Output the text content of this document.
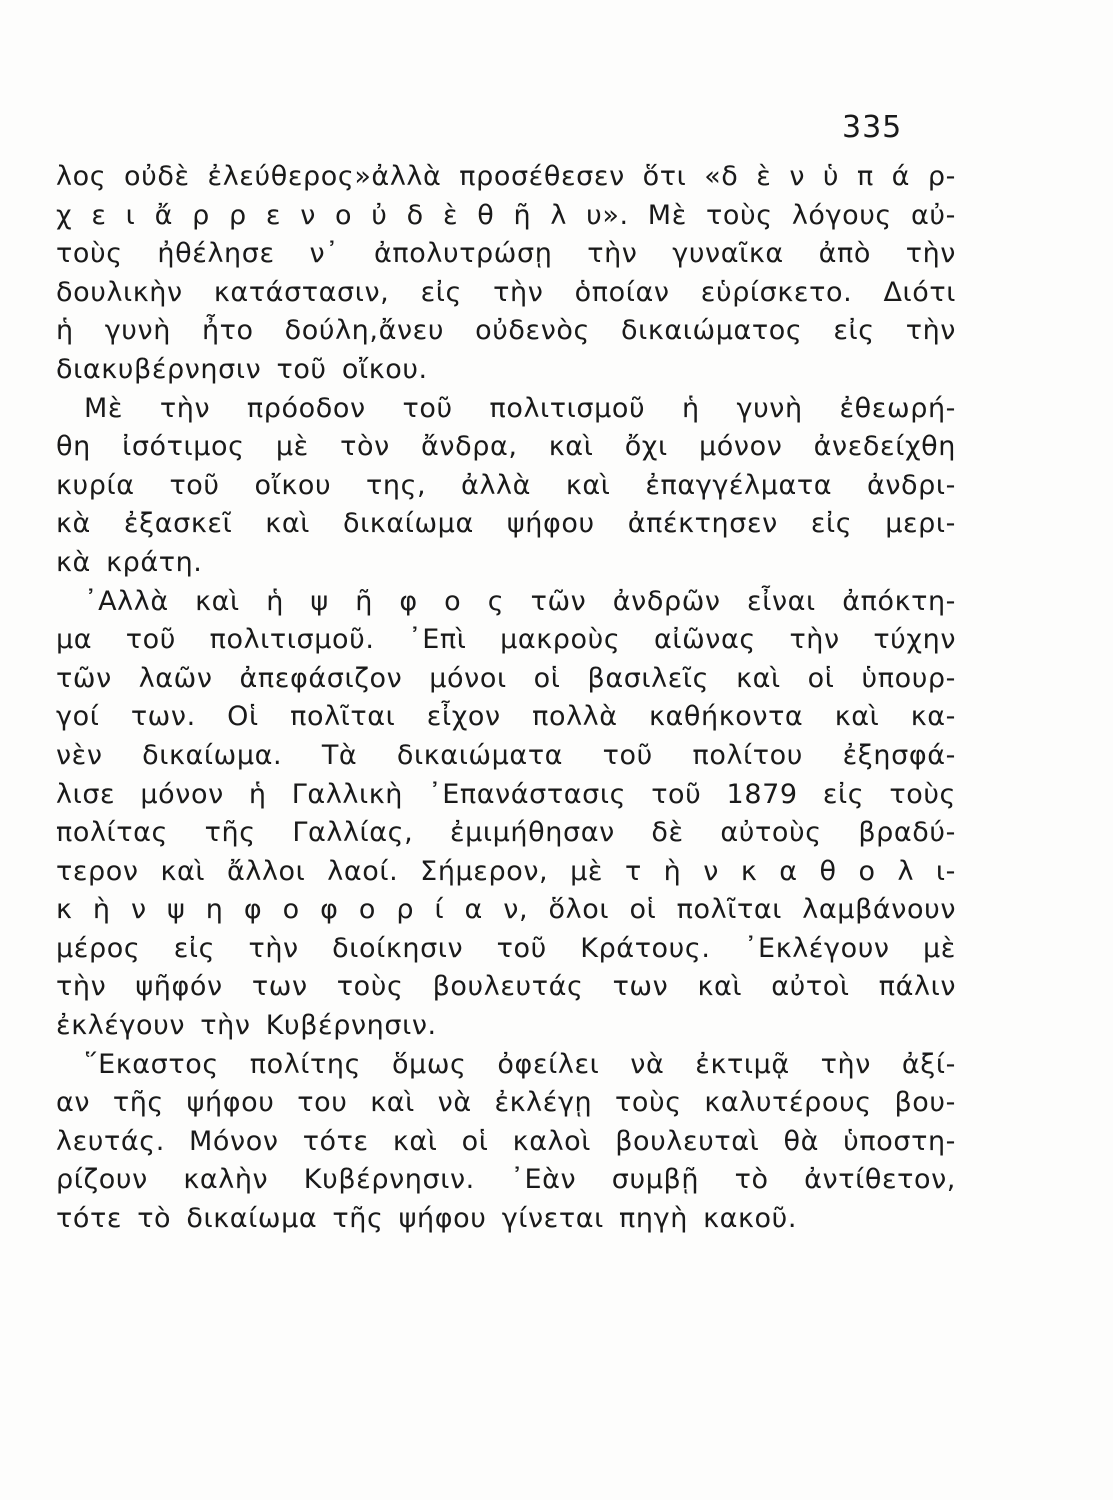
335
λος οὐδὲ ἐλεύθερος»ἀλλὰ προσέθεσεν ὅτι «δ ὲ ν ὑ π ά ρ-
χ ε ι ἄ ρ ρ ε ν ο ὐ δ ὲ θ ῆ λ υ». Μὲ τοὺς λόγους αὐ-
τοὺς ἠθέλησε ν᾿ ἀπολυτρώσῃ τὴν γυναῖκα ἀπὸ τὴν
δουλικὴν κατάστασιν, εἰς τὴν ὁποίαν εὑρίσκετο. Διότι
ἡ γυνὴ ἦτο δούλη,ἄνευ οὐδενὸς δικαιώματος εἰς τὴν
διακυβέρνησιν τοῦ οἴκου.
Μὲ τὴν πρόοδον τοῦ πολιτισμοῦ ἡ γυνὴ ἐθεωρή-
θη ἰσότιμος μὲ τὸν ἄνδρα, καὶ ὄχι μόνον ἀνεδείχθη
κυρία τοῦ οἴκου της, ἀλλὰ καὶ ἐπαγγέλματα ἀνδρι-
κὰ ἐξασκεῖ καὶ δικαίωμα ψήφου ἀπέκτησεν εἰς μερι-
κὰ κράτη.
᾿Αλλὰ καὶ ἡ ψ ῆ φ ο ς τῶν ἀνδρῶν εἶναι ἀπόκτη-
μα τοῦ πολιτισμοῦ. ᾿Επὶ μακροὺς αἰῶνας τὴν τύχην
τῶν λαῶν ἀπεφάσιζον μόνοι οἱ βασιλεῖς καὶ οἱ ὑπουρ-
γοί των. Οἱ πολῖται εἶχον πολλὰ καθήκοντα καὶ κα-
νὲν δικαίωμα. Τὰ δικαιώματα τοῦ πολίτου ἐξησφά-
λισε μόνον ἡ Γαλλικὴ ᾿Επανάστασις τοῦ 1879 εἰς τοὺς
πολίτας τῆς Γαλλίας, ἐμιμήθησαν δὲ αὐτοὺς βραδύ-
τερον καὶ ἄλλοι λαοί. Σήμερον, μὲ τ ὴ ν κ α θ ο λ ι-
κ ὴ ν ψ η φ ο φ ο ρ ί α ν, ὅλοι οἱ πολῖται λαμβάνουν
μέρος εἰς τὴν διοίκησιν τοῦ Κράτους. ᾿Εκλέγουν μὲ
τὴν ψῆφόν των τοὺς βουλευτάς των καὶ αὐτοὶ πάλιν
ἐκλέγουν τὴν Κυβέρνησιν.
῞Εκαστος πολίτης ὅμως ὀφείλει νὰ ἐκτιμᾷ τὴν ἀξί-
αν τῆς ψήφου του καὶ νὰ ἐκλέγῃ τοὺς καλυτέρους βου-
λευτάς. Μόνον τότε καὶ οἱ καλοὶ βουλευταὶ θὰ ὑποστη-
ρίζουν καλὴν Κυβέρνησιν. ᾿Εὰν συμβῇ τὸ ἀντίθετον,
τότε τὸ δικαίωμα τῆς ψήφου γίνεται πηγὴ κακοῦ.
